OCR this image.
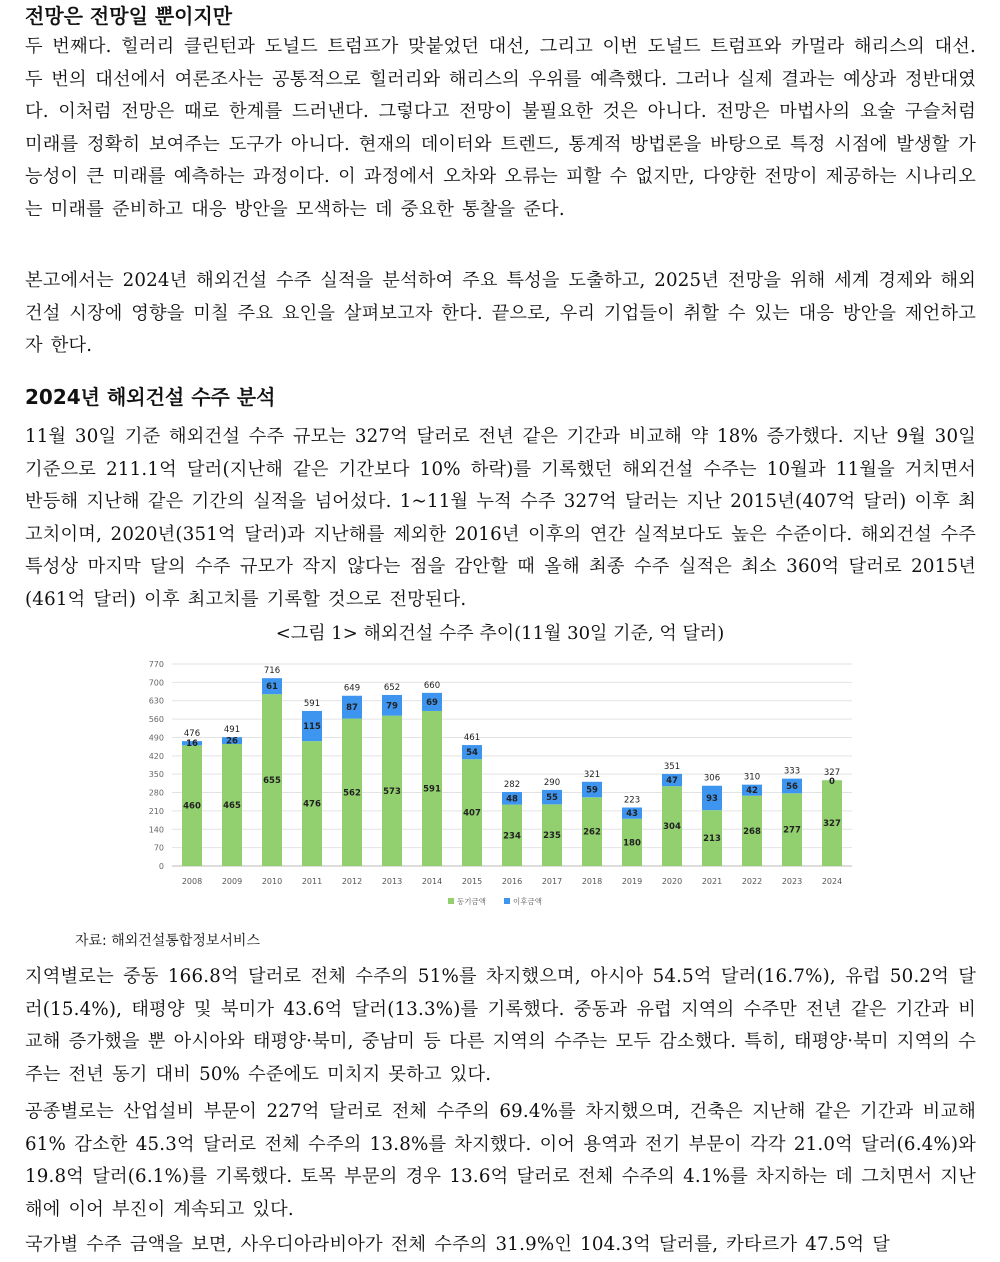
전망은 전망일 뿐이지만

두 번째다. 힐러리 클린턴과 도널드 트럼프가 맞붙었던 대선, 그리고 이번 도널드 트럼프와 카멀라 해리스의 대선. 두 번의 대선에서 여론조사는 공통적으로 힐러리와 해리스의 우위를 예측했다. 그러나 실제 결과는 예상과 정반대였다. 이처럼 전망은 때로 한계를 드러낸다. 그렇다고 전망이 불필요한 것은 아니다. 전망은 마법사의 요술 구슬처럼 미래를 정확히 보여주는 도구가 아니다. 현재의 데이터와 트렌드, 통계적 방법론을 바탕으로 특정 시점에 발생할 가능성이 큰 미래를 예측하는 과정이다. 이 과정에서 오차와 오류는 피할 수 없지만, 다양한 전망이 제공하는 시나리오는 미래를 준비하고 대응 방안을 모색하는 데 중요한 통찰을 준다.

본고에서는 2024년 해외건설 수주 실적을 분석하여 주요 특성을 도출하고, 2025년 전망을 위해 세계 경제와 해외건설 시장에 영향을 미칠 주요 요인을 살펴보고자 한다. 끝으로, 우리 기업들이 취할 수 있는 대응 방안을 제언하고자 한다.

2024년 해외건설 수주 분석

11월 30일 기준 해외건설 수주 규모는 327억 달러로 전년 같은 기간과 비교해 약 18% 증가했다. 지난 9월 30일 기준으로 211.1억 달러(지난해 같은 기간보다 10% 하락)를 기록했던 해외건설 수주는 10월과 11월을 거치면서 반등해 지난해 같은 기간의 실적을 넘어섰다. 1~11월 누적 수주 327억 달러는 지난 2015년(407억 달러) 이후 최고치이며, 2020년(351억 달러)과 지난해를 제외한 2016년 이후의 연간 실적보다도 높은 수준이다. 해외건설 수주 특성상 마지막 달의 수주 규모가 작지 않다는 점을 감안할 때 올해 최종 수주 실적은 최소 360억 달러로 2015년(461억 달러) 이후 최고치를 기록할 것으로 전망된다.

<그림 1> 해외건설 수주 추이(11월 30일 기준, 억 달러)

0
70
140
210
280
350
420
490
560
630
700
770
460
16
476
2008
465
26
491
2009
655
61
716
2010
476
115
591
2011
562
87
649
2012
573
79
652
2013
591
69
660
2014
407
54
461
2015
234
48
282
2016
235
55
290
2017
262
59
321
2018
180
43
223
2019
304
47
351
2020
213
93
306
2021
268
42
310
2022
277
56
333
2023
327
0
327
2024
동기금액	이후금액

자료: 해외건설통합정보서비스

지역별로는 중동 166.8억 달러로 전체 수주의 51%를 차지했으며, 아시아 54.5억 달러(16.7%), 유럽 50.2억 달러(15.4%), 태평양 및 북미가 43.6억 달러(13.3%)를 기록했다. 중동과 유럽 지역의 수주만 전년 같은 기간과 비교해 증가했을 뿐 아시아와 태평양·북미, 중남미 등 다른 지역의 수주는 모두 감소했다. 특히, 태평양·북미 지역의 수주는 전년 동기 대비 50% 수준에도 미치지 못하고 있다.

공종별로는 산업설비 부문이 227억 달러로 전체 수주의 69.4%를 차지했으며, 건축은 지난해 같은 기간과 비교해 61% 감소한 45.3억 달러로 전체 수주의 13.8%를 차지했다. 이어 용역과 전기 부문이 각각 21.0억 달러(6.4%)와 19.8억 달러(6.1%)를 기록했다. 토목 부문의 경우 13.6억 달러로 전체 수주의 4.1%를 차지하는 데 그치면서 지난해에 이어 부진이 계속되고 있다.

국가별 수주 금액을 보면, 사우디아라비아가 전체 수주의 31.9%인 104.3억 달러를, 카타르가 47.5억 달
